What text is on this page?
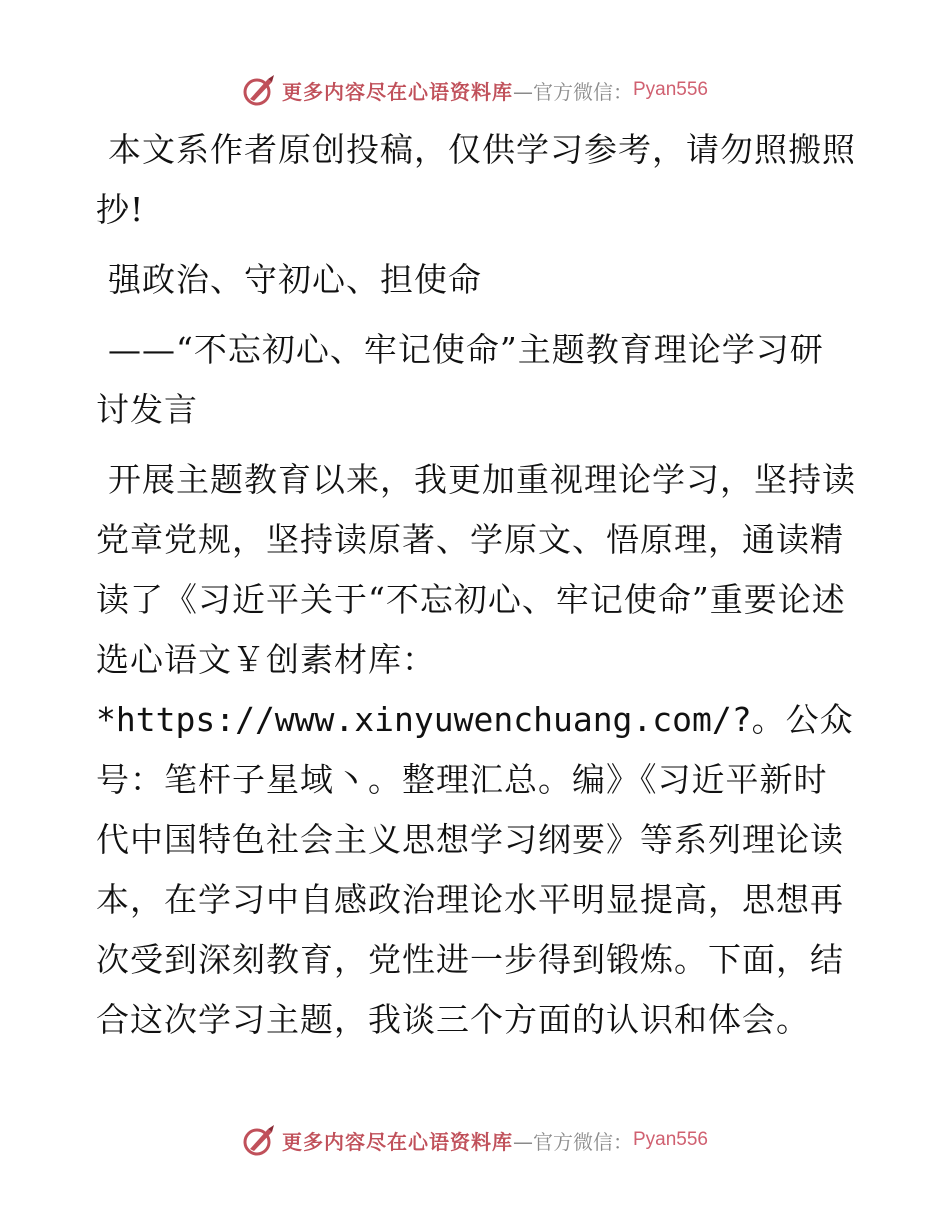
更多内容尽在心语资料库 —官方微信： Pyan556

本文系作者原创投稿，仅供学习参考，请勿照搬照抄!

强政治、守初心、担使命

——“不忘初心、牢记使命”主题教育理论学习研讨发言

开展主题教育以来，我更加重视理论学习，坚持读党章党规，坚持读原著、学原文、悟原理，通读精读了《习近平关于“不忘初心、牢记使命”重要论述选心语文￥创素材库：*https://www.xinyuwenchuang.com/?。公众号：笔杆子星域丶。整理汇总。编》《习近平新时代中国特色社会主义思想学习纲要》等系列理论读本，在学习中自感政治理论水平明显提高，思想再次受到深刻教育，党性进一步得到锻炼。下面，结合这次学习主题，我谈三个方面的认识和体会。

更多内容尽在心语资料库 —官方微信： Pyan556
